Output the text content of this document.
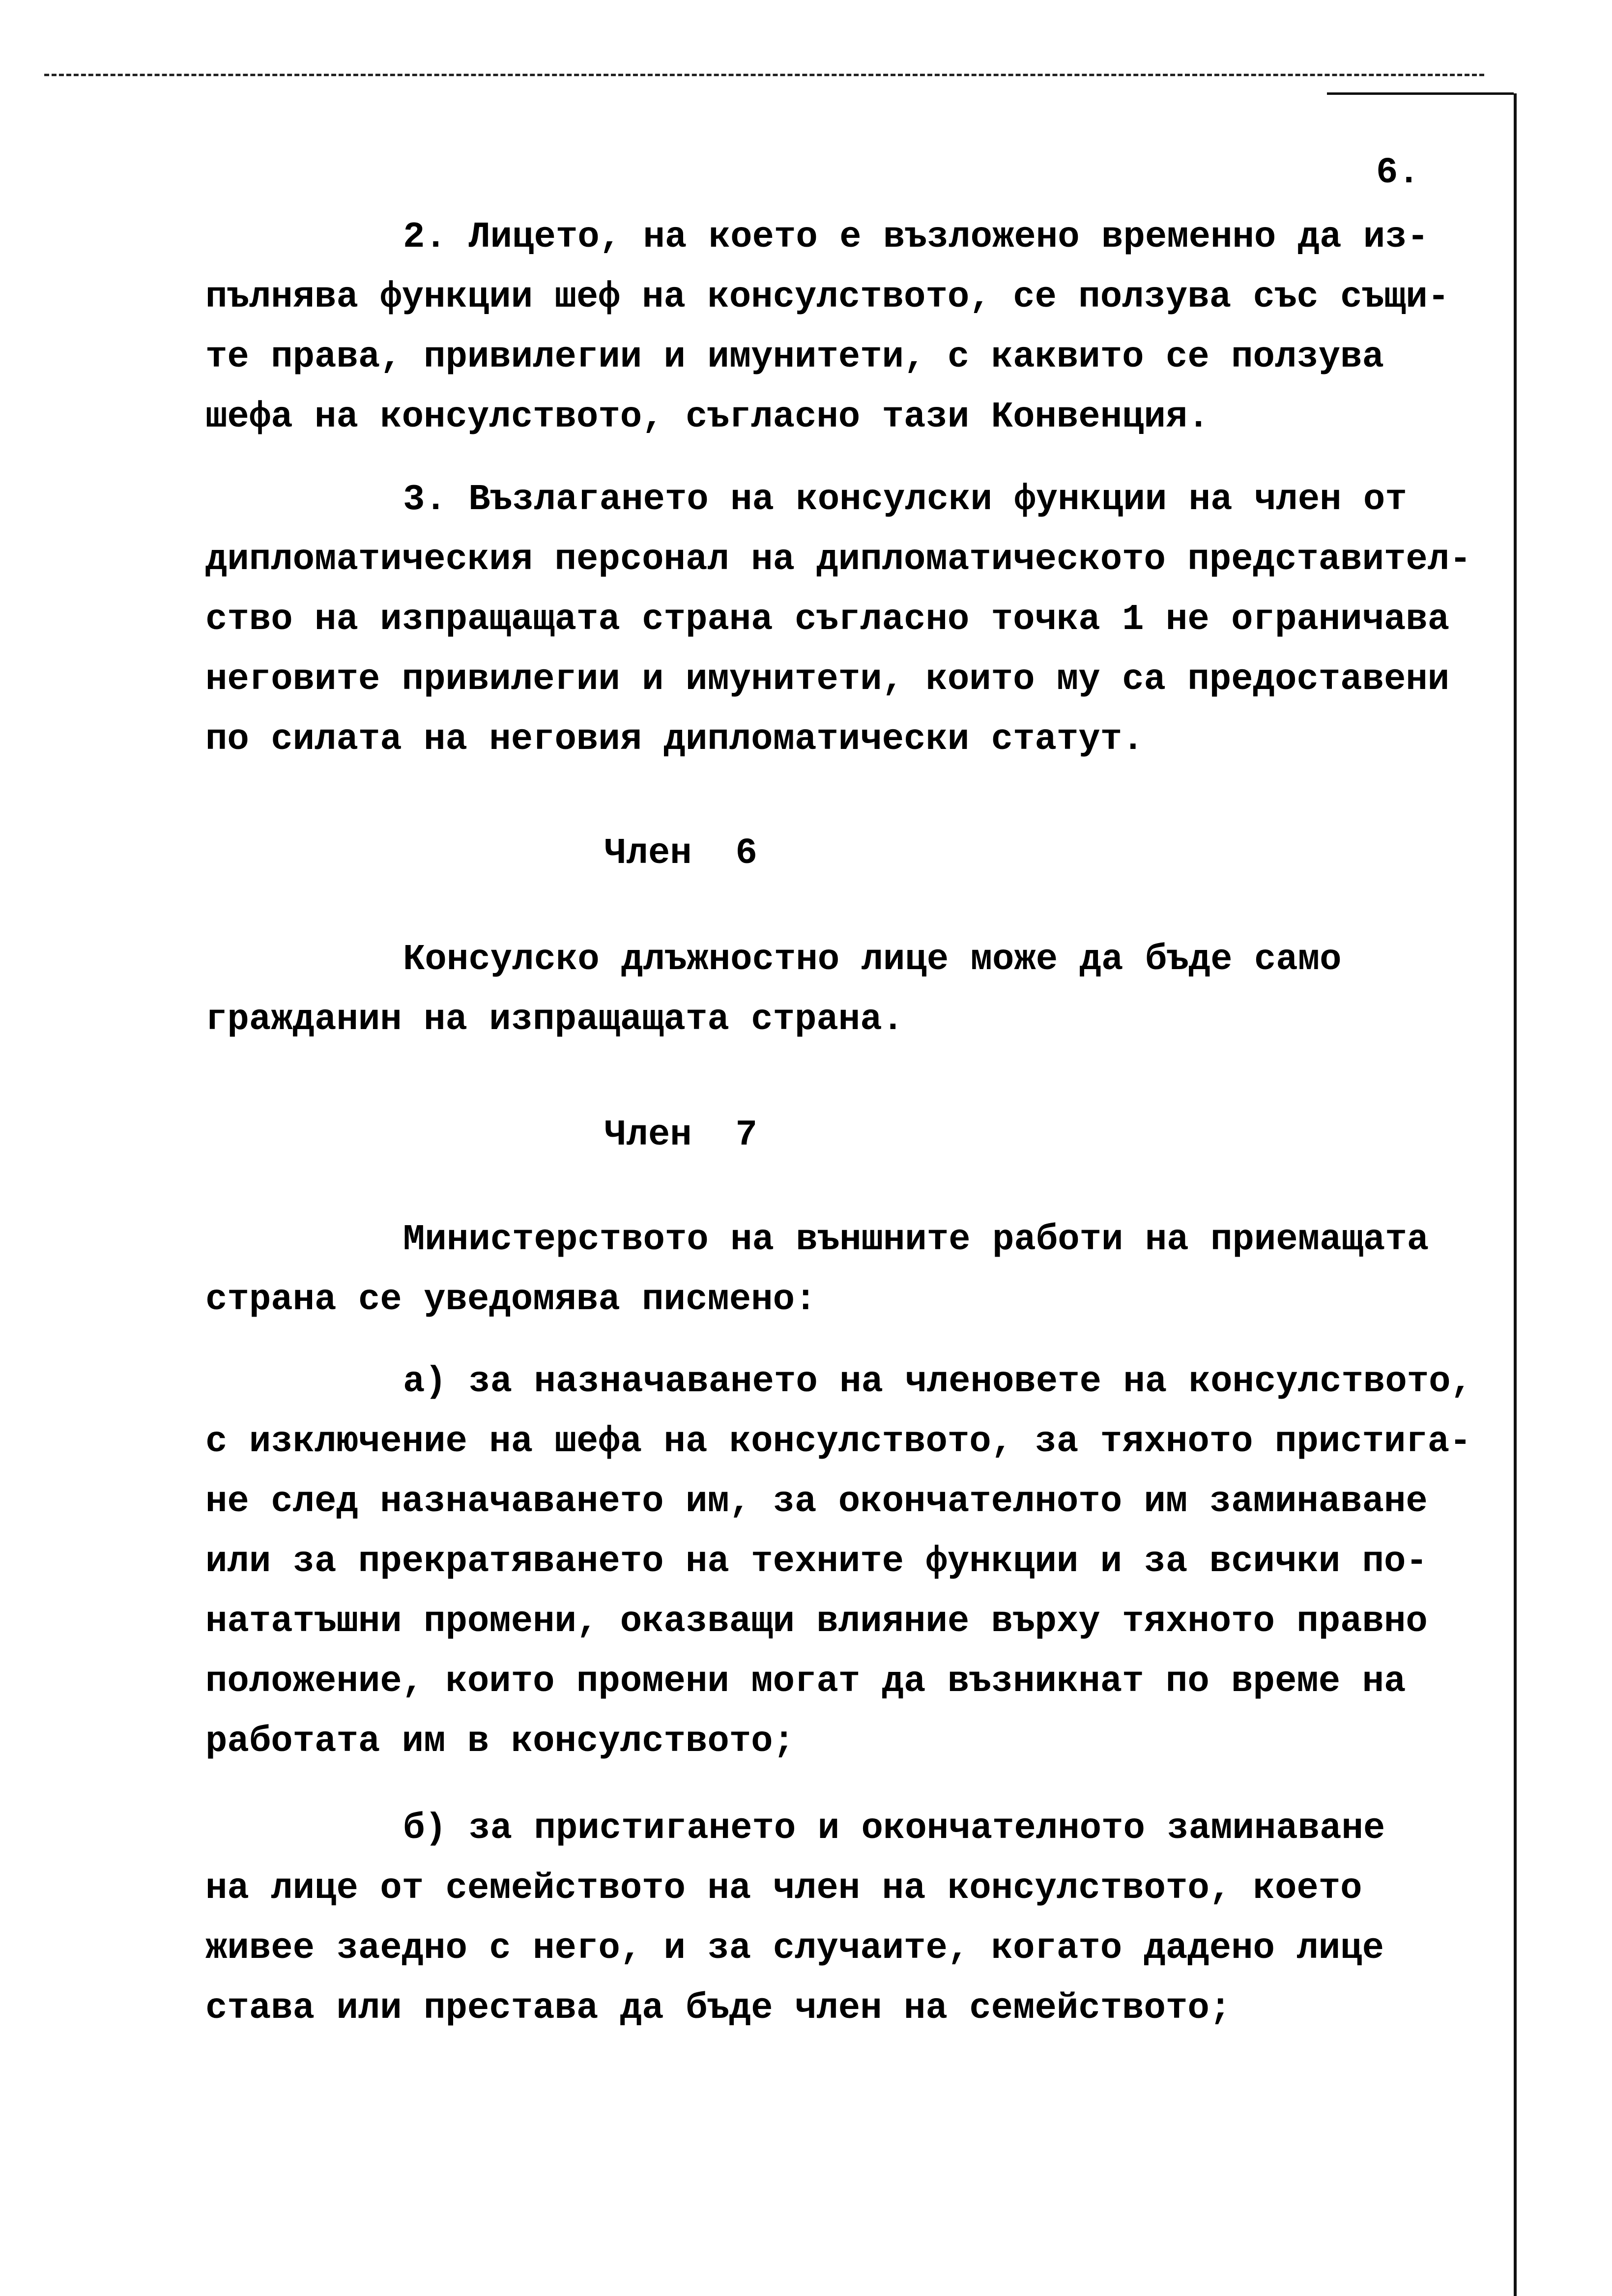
6.
2. Лицето, на което е възложено временно да из-
пълнява функции шеф на консулството, се ползува със същи-
те права, привилегии и имунитети, с каквито се ползува
шефа на консулството, съгласно тази Конвенция.
3. Възлагането на консулски функции на член от
дипломатическия персонал на дипломатическото представител-
ство на изпращащата страна съгласно точка 1 не ограничава
неговите привилегии и имунитети, които му са предоставени
по силата на неговия дипломатически статут.
Член  6
Консулско длъжностно лице може да бъде само
гражданин на изпращащата страна.
Член  7
Министерството на външните работи на приемащата
страна се уведомява писмено:
а) за назначаването на членовете на консулството,
с изключение на шефа на консулството, за тяхното пристига-
не след назначаването им, за окончателното им заминаване
или за прекратяването на техните функции и за всички по-
нататъшни промени, оказващи влияние върху тяхното правно
положение, които промени могат да възникнат по време на
работата им в консулството;
б) за пристигането и окончателното заминаване
на лице от семейството на член на консулството, което
живее заедно с него, и за случаите, когато дадено лице
става или престава да бъде член на семейството;
